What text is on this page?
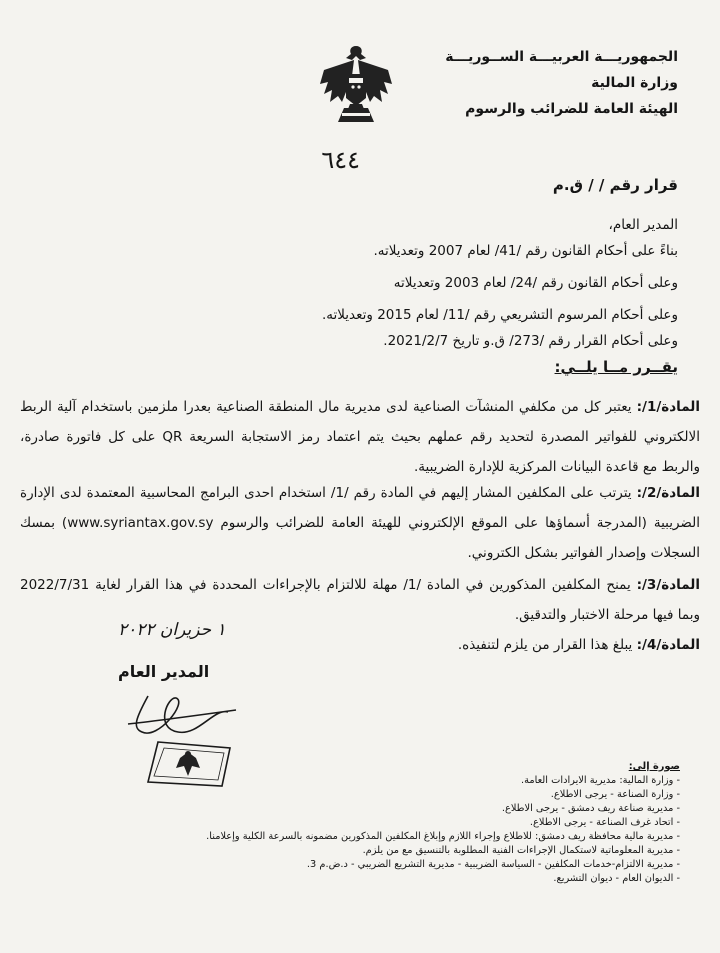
الجمهوريـــة العربيـــة الســوريـــة
وزارة المالية
الهيئة العامة للضرائب والرسوم
٦٤٤
قرار رقم / / ق.م
المدير العام،
بناءً على أحكام القانون رقم /41/ لعام 2007 وتعديلاته.
وعلى أحكام القانون رقم /24/ لعام 2003 وتعديلاته
وعلى أحكام المرسوم التشريعي رقم /11/ لعام 2015 وتعديلاته.
وعلى أحكام القرار رقم /273/ ق.و تاريخ 2021/2/7.
يقــرر مــا يلــي:
المادة/1/: يعتبر كل من مكلفي المنشآت الصناعية لدى مديرية مال المنطقة الصناعية بعدرا ملزمين باستخدام آلية الربط الالكتروني للفواتير المصدرة لتحديد رقم عملهم بحيث يتم اعتماد رمز الاستجابة السريعة QR على كل فاتورة صادرة، والربط مع قاعدة البيانات المركزية للإدارة الضريبية.
المادة/2/: يترتب على المكلفين المشار إليهم في المادة رقم /1/ استخدام احدى البرامج المحاسبية المعتمدة لدى الإدارة الضريبية (المدرجة أسماؤها على الموقع الإلكتروني للهيئة العامة للضرائب والرسوم www.syriantax.gov.sy) بمسك السجلات وإصدار الفواتير بشكل الكتروني.
المادة/3/: يمنح المكلفين المذكورين في المادة /1/ مهلة للالتزام بالإجراءات المحددة في هذا القرار لغاية 2022/7/31 وبما فيها مرحلة الاختبار والتدقيق.
المادة/4/: يبلغ هذا القرار من يلزم لتنفيذه.
١ حزيران ٢٠٢٢
المدير العام
صورة إلى:
- وزارة المالية: مديرية الايرادات العامة.
- وزارة الصناعة - يرجى الاطلاع.
- مديرية صناعة ريف دمشق - يرجى الاطلاع.
- اتحاد غرف الصناعة - يرجى الاطلاع.
- مديرية مالية محافظة ريف دمشق: للاطلاع وإجراء اللازم وإبلاغ المكلفين المذكورين مضمونه بالسرعة الكلية وإعلامنا.
- مديرية المعلوماتية لاستكمال الإجراءات الفنية المطلوبة بالتنسيق مع من يلزم.
- مديرية الالتزام-خدمات المكلفين - السياسة الضريبية - مديرية التشريع الضريبي - د.ض.م 3.
- الديوان العام - ديوان التشريع.
